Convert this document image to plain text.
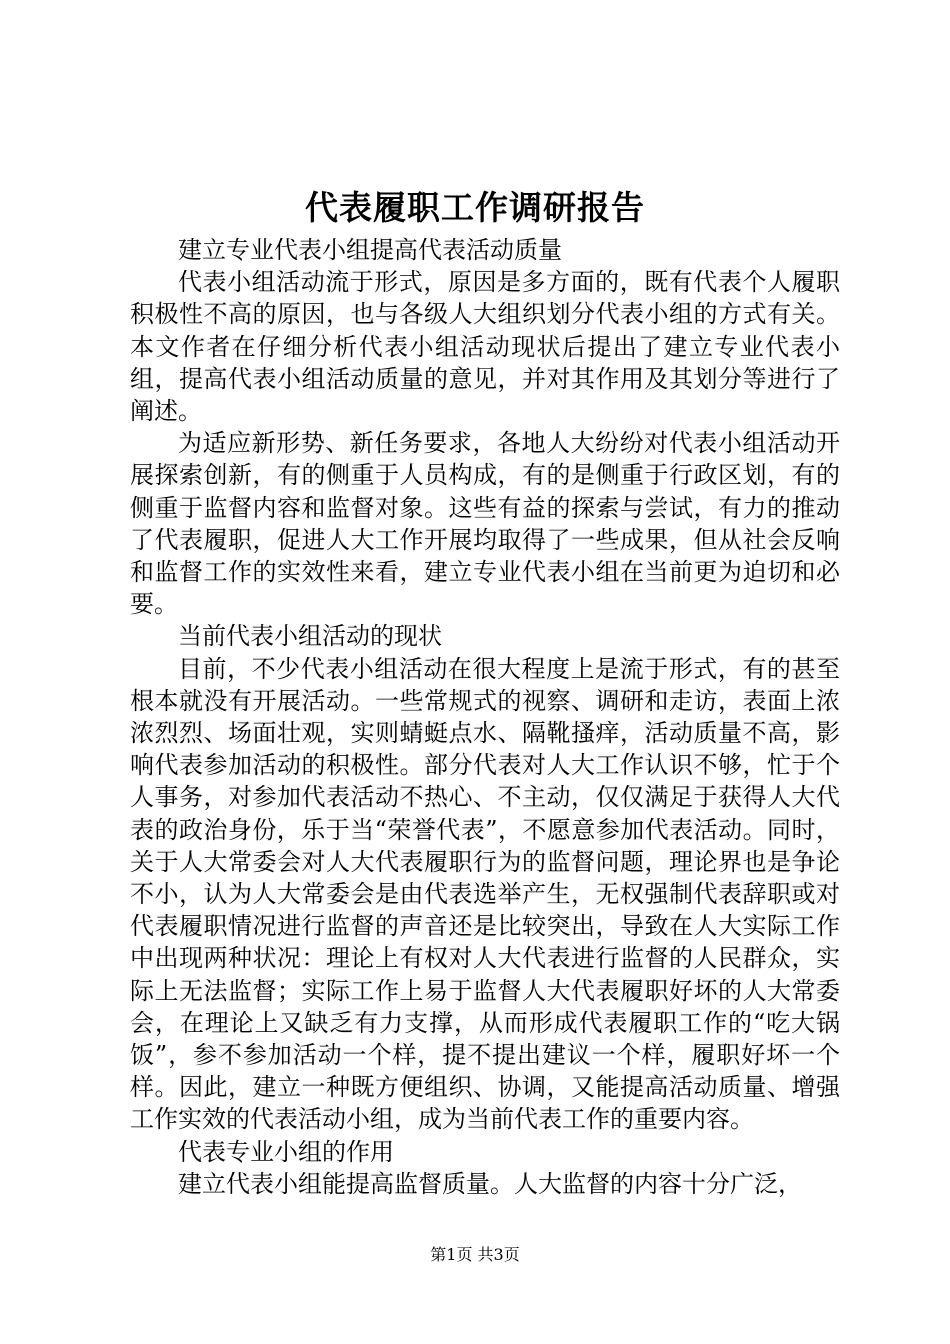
代表履职工作调研报告

建立专业代表小组提高代表活动质量

代表小组活动流于形式，原因是多方面的，既有代表个人履职积极性不高的原因，也与各级人大组织划分代表小组的方式有关。本文作者在仔细分析代表小组活动现状后提出了建立专业代表小组，提高代表小组活动质量的意见，并对其作用及其划分等进行了阐述。

为适应新形势、新任务要求，各地人大纷纷对代表小组活动开展探索创新，有的侧重于人员构成，有的是侧重于行政区划，有的侧重于监督内容和监督对象。这些有益的探索与尝试，有力的推动了代表履职，促进人大工作开展均取得了一些成果，但从社会反响和监督工作的实效性来看，建立专业代表小组在当前更为迫切和必要。

当前代表小组活动的现状

目前，不少代表小组活动在很大程度上是流于形式，有的甚至根本就没有开展活动。一些常规式的视察、调研和走访，表面上浓浓烈烈、场面壮观，实则蜻蜓点水、隔靴搔痒，活动质量不高，影响代表参加活动的积极性。部分代表对人大工作认识不够，忙于个人事务，对参加代表活动不热心、不主动，仅仅满足于获得人大代表的政治身份，乐于当“荣誉代表”，不愿意参加代表活动。同时，关于人大常委会对人大代表履职行为的监督问题，理论界也是争论不小，认为人大常委会是由代表选举产生，无权强制代表辞职或对代表履职情况进行监督的声音还是比较突出，导致在人大实际工作中出现两种状况：理论上有权对人大代表进行监督的人民群众，实际上无法监督；实际工作上易于监督人大代表履职好坏的人大常委会，在理论上又缺乏有力支撑，从而形成代表履职工作的“吃大锅饭”，参不参加活动一个样，提不提出建议一个样，履职好坏一个样。因此，建立一种既方便组织、协调，又能提高活动质量、增强工作实效的代表活动小组，成为当前代表工作的重要内容。

代表专业小组的作用

建立代表小组能提高监督质量。人大监督的内容十分广泛，

第1页 共3页
